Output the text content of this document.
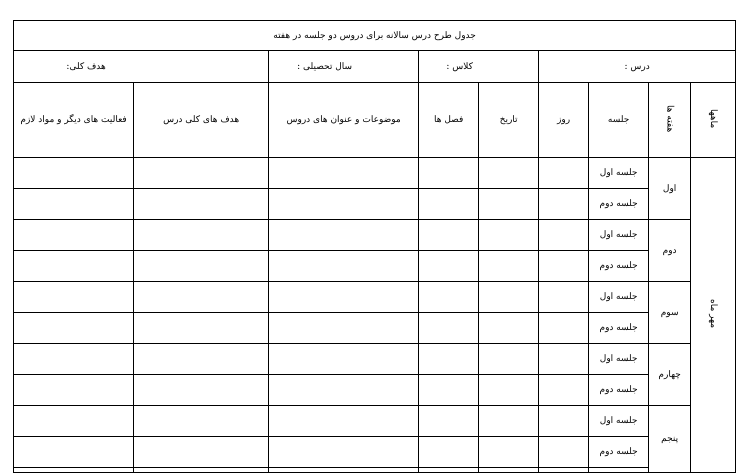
جدول طرح درس سالانه برای دروس دو جلسه در هفته								
درس :				کلاس :		سال تحصیلی :	هدف کلی:	
ماهها	هفته ها	جلسه	روز	تاریخ	فصل ها	موضوعات و عنوان های دروس	هدف های کلی درس	فعالیت های دیگر و مواد لازم
مهر ماه	اول	جلسه اول						
		جلسه دوم						
	دوم	جلسه اول						
		جلسه دوم						
	سوم	جلسه اول						
		جلسه دوم						
	چهارم	جلسه اول						
		جلسه دوم						
	پنجم	جلسه اول						
		جلسه دوم						
